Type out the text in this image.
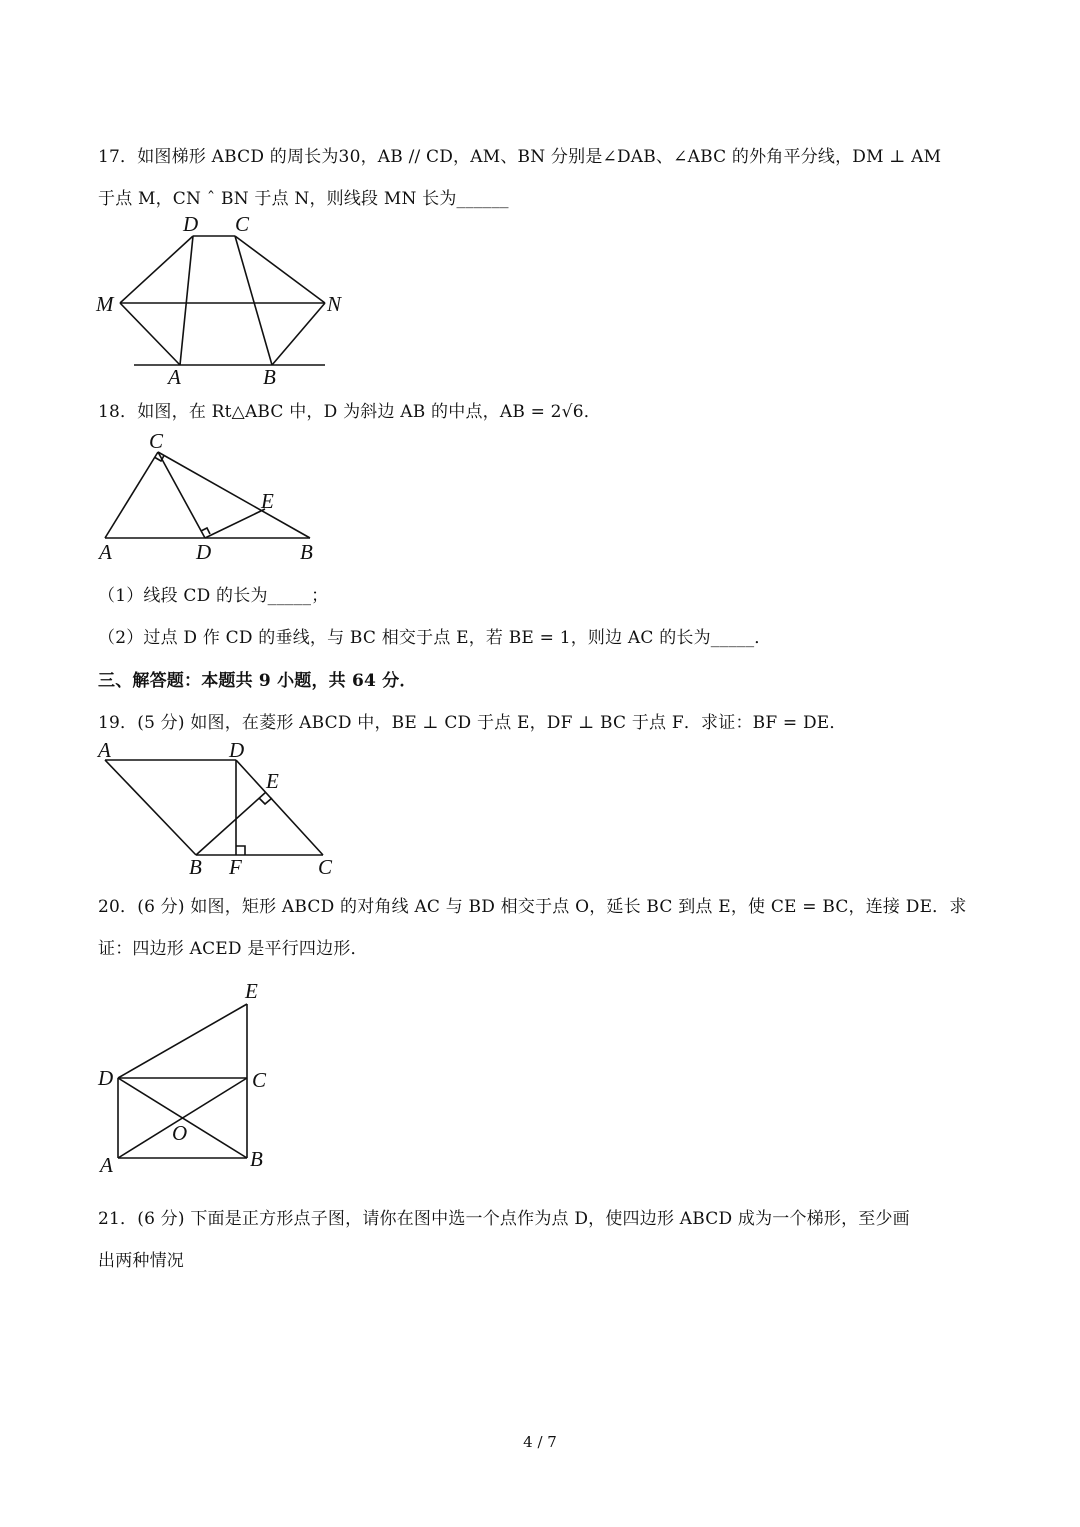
17．如图梯形 ABCD 的周长为30，AB // CD，AM、BN 分别是∠DAB、∠ABC 的外角平分线，DM ⊥ AM
于点 M，CN ˆ BN 于点 N，则线段 MN 长为______
D C
M	N
A	B
18．如图，在 Rt△ABC 中，D 为斜边 AB 的中点，AB = 2√6．
C
E
A	D	B
（1）线段 CD 的长为_____；
（2）过点 D 作 CD 的垂线，与 BC 相交于点 E，若 BE = 1，则边 AC 的长为_____．
三、解答题：本题共 9 小题，共 64 分．
19．(5 分) 如图，在菱形 ABCD 中，BE ⊥ CD 于点 E，DF ⊥ BC 于点 F．求证：BF = DE．
A	D
E
B F	C
20．(6 分) 如图，矩形 ABCD 的对角线 AC 与 BD 相交于点 O，延长 BC 到点 E，使 CE = BC，连接 DE．求
证：四边形 ACED 是平行四边形．
E
D	C
O
A	B
21．(6 分) 下面是正方形点子图，请你在图中选一个点作为点 D，使四边形 ABCD 成为一个梯形，至少画
出两种情况
4 / 7
